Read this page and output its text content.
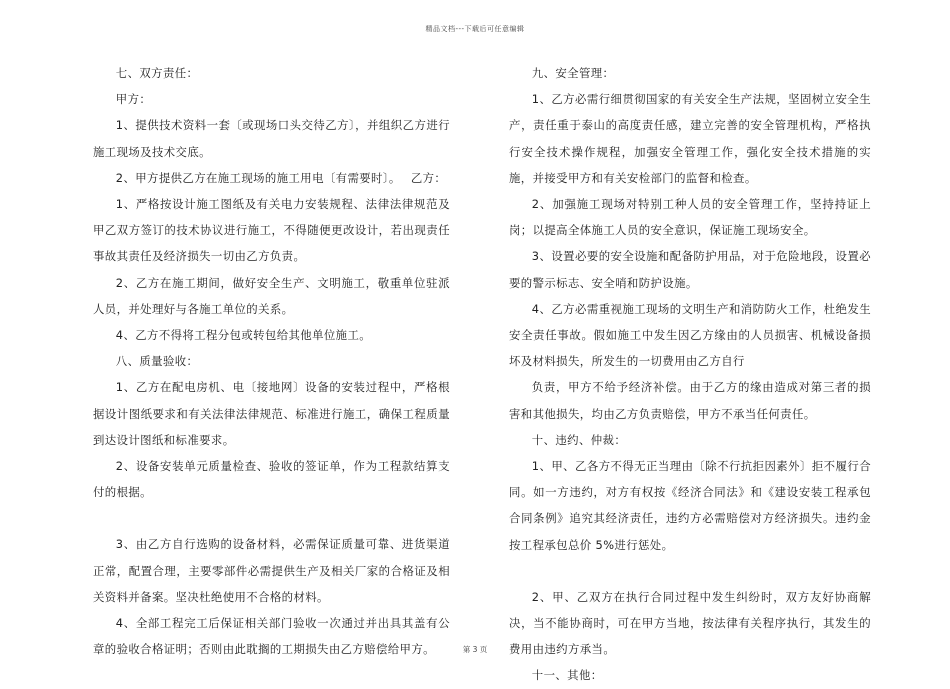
精品文档---下载后可任意编辑

七、双方责任：

甲方：

1、提供技术资料一套〔或现场口头交待乙方〕，并组织乙方进行施工现场及技术交底。

2、甲方提供乙方在施工现场的施工用电〔有需要时〕。　 乙方：

1、严格按设计施工图纸及有关电力安装规程、法律法律规范及甲乙双方签订的技术协议进行施工，不得随便更改设计，若出现责任事故其责任及经济损失一切由乙方负责。

2、乙方在施工期间，做好安全生产、文明施工，敬重单位驻派人员，并处理好与各施工单位的关系。

4、乙方不得将工程分包或转包给其他单位施工。

八、质量验收：

1、乙方在配电房机、电〔接地网〕设备的安装过程中，严格根据设计图纸要求和有关法律法律规范、标准进行施工，确保工程质量到达设计图纸和标准要求。

2、设备安装单元质量检查、验收的签证单，作为工程款结算支付的根据。

3、由乙方自行选购的设备材料，必需保证质量可靠、进货渠道正常，配置合理，主要零部件必需提供生产及相关厂家的合格证及相关资料并备案。坚决杜绝使用不合格的材料。

4、全部工程完工后保证相关部门验收一次通过并出具其盖有公章的验收合格证明；否则由此耽搁的工期损失由乙方赔偿给甲方。

九、安全管理：

1、乙方必需行细贯彻国家的有关安全生产法规，坚固树立安全生产，责任重于泰山的高度责任感，建立完善的安全管理机构，严格执行安全技术操作规程，加强安全管理工作，强化安全技术措施的实施，并接受甲方和有关安检部门的监督和检查。

2、加强施工现场对特别工种人员的安全管理工作，坚持持证上岗；以提高全体施工人员的安全意识，保证施工现场安全。

3、设置必要的安全设施和配备防护用品，对于危险地段，设置必要的警示标志、安全哨和防护设施。

4、乙方必需重视施工现场的文明生产和消防防火工作，杜绝发生安全责任事故。假如施工中发生因乙方缘由的人员损害、机械设备损坏及材料损失，所发生的一切费用由乙方自行

负责，甲方不给予经济补偿。由于乙方的缘由造成对第三者的损害和其他损失，均由乙方负责赔偿，甲方不承当任何责任。

十、违约、仲裁：

1、甲、乙各方不得无正当理由〔除不行抗拒因素外〕拒不履行合同。如一方违约，对方有权按《经济合同法》和《建设安装工程承包合同条例》追究其经济责任，违约方必需赔偿对方经济损失。违约金按工程承包总价 5%进行惩处。

2、甲、乙双方在执行合同过程中发生纠纷时，双方友好协商解决，当不能协商时，可在甲方当地，按法律有关程序执行，其发生的费用由违约方承当。

十一、其他：

第 3 页
